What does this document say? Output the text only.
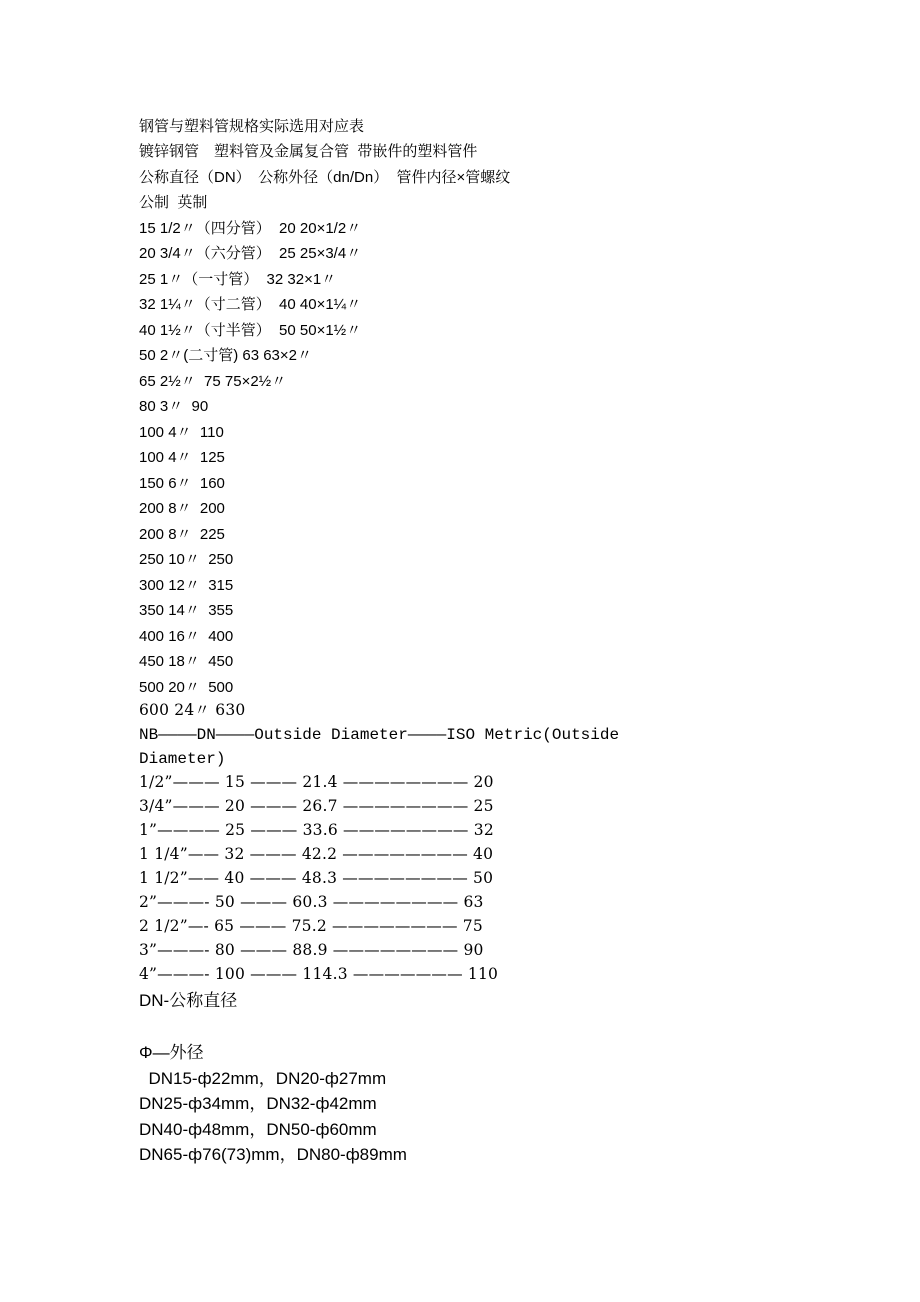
钢管与塑料管规格实际选用对应表
镀锌钢管　塑料管及金属复合管  带嵌件的塑料管件
公称直径（DN）　公称外径（dn/Dn）  管件内径×管螺纹
公制  英制
15 1/2〃（四分管）  20 20×1/2〃
20 3/4〃（六分管）  25 25×3/4〃
25 1〃（一寸管）  32 32×1〃
32 1¼〃（寸二管）  40 40×1¼〃
40 1½〃（寸半管）  50 50×1½〃
50 2〃(二寸管) 63 63×2〃
65 2½〃  75 75×2½〃
80 3〃  90
100 4〃  110
100 4〃  125
150 6〃  160
200 8〃  200
200 8〃  225
250 10〃  250
300 12〃  315
350 14〃  355
400 16〃  400
450 18〃  450
500 20〃  500
600 24〃 630
NB————DN————Outside Diameter————ISO Metric(Outside
Diameter)
1/2”——— 15 ——— 21.4 ———————— 20
3/4”——— 20 ——— 26.7 ———————— 25
1”———— 25 ——— 33.6 ———————— 32
1 1/4”—— 32 ——— 42.2 ———————— 40
1 1/2”—— 40 ——— 48.3 ———————— 50
2”———- 50 ——— 60.3 ———————— 63
2 1/2”—- 65 ——— 75.2 ———————— 75
3”———- 80 ——— 88.9 ———————— 90
4”———- 100 ——— 114.3 ——————— 110
DN-公称直径
Φ—外径
DN15-ф22mm，DN20-ф27mm
DN25-ф34mm，DN32-ф42mm
DN40-ф48mm，DN50-ф60mm
DN65-ф76(73)mm，DN80-ф89mm
